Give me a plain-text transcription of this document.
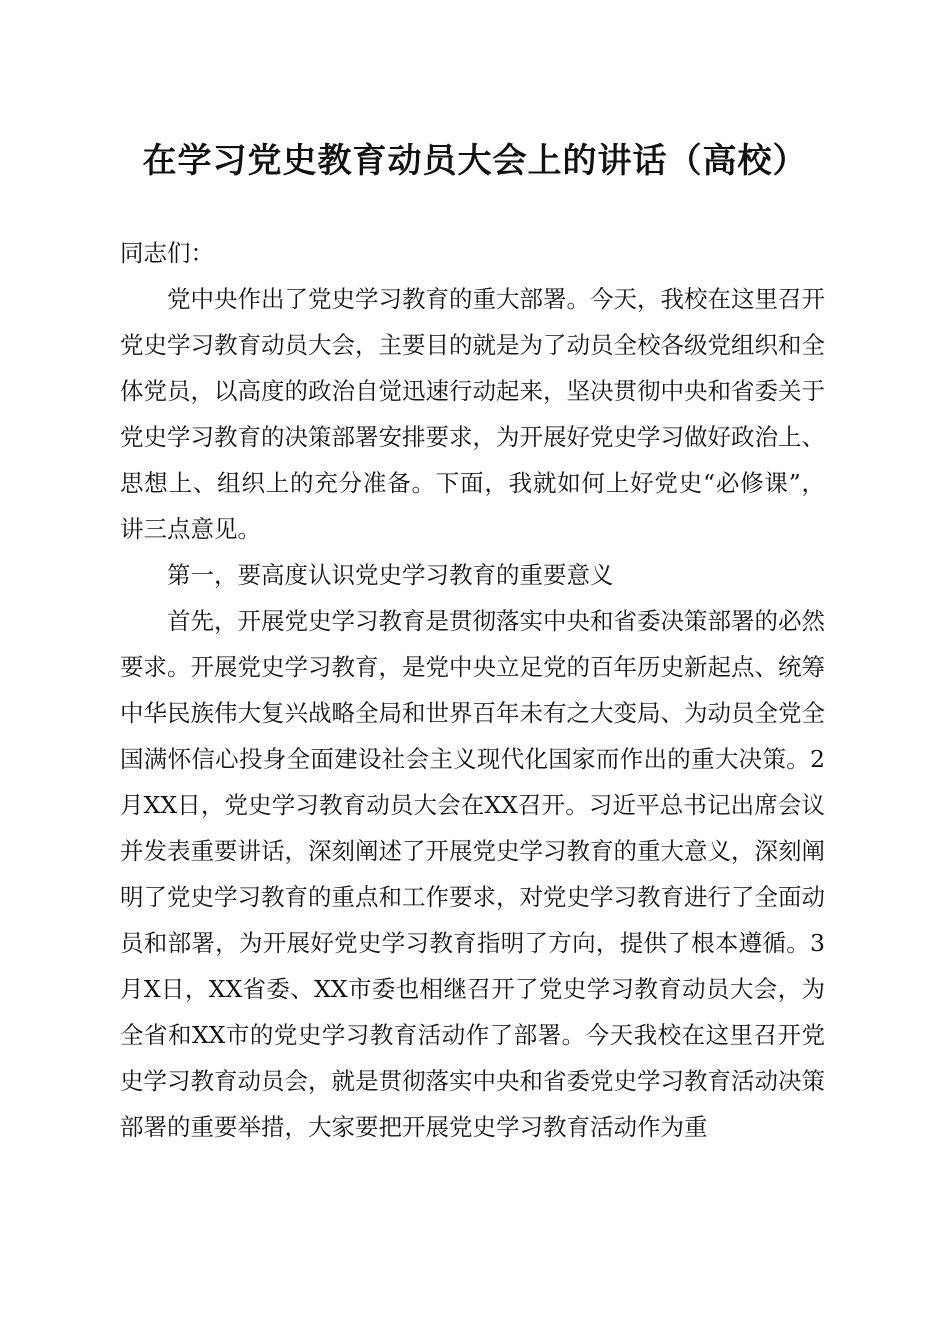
在学习党史教育动员大会上的讲话（高校）

同志们：

党中央作出了党史学习教育的重大部署。今天，我校在这里召开党史学习教育动员大会，主要目的就是为了动员全校各级党组织和全体党员，以高度的政治自觉迅速行动起来，坚决贯彻中央和省委关于党史学习教育的决策部署安排要求，为开展好党史学习做好政治上、思想上、组织上的充分准备。下面，我就如何上好党史“必修课”，讲三点意见。

第一，要高度认识党史学习教育的重要意义

首先，开展党史学习教育是贯彻落实中央和省委决策部署的必然要求。开展党史学习教育，是党中央立足党的百年历史新起点、统筹中华民族伟大复兴战略全局和世界百年未有之大变局、为动员全党全国满怀信心投身全面建设社会主义现代化国家而作出的重大决策。2月XX日，党史学习教育动员大会在XX召开。习近平总书记出席会议并发表重要讲话，深刻阐述了开展党史学习教育的重大意义，深刻阐明了党史学习教育的重点和工作要求，对党史学习教育进行了全面动员和部署，为开展好党史学习教育指明了方向，提供了根本遵循。3月X日，XX省委、XX市委也相继召开了党史学习教育动员大会，为全省和XX市的党史学习教育活动作了部署。今天我校在这里召开党史学习教育动员会，就是贯彻落实中央和省委党史学习教育活动决策部署的重要举措，大家要把开展党史学习教育活动作为重
